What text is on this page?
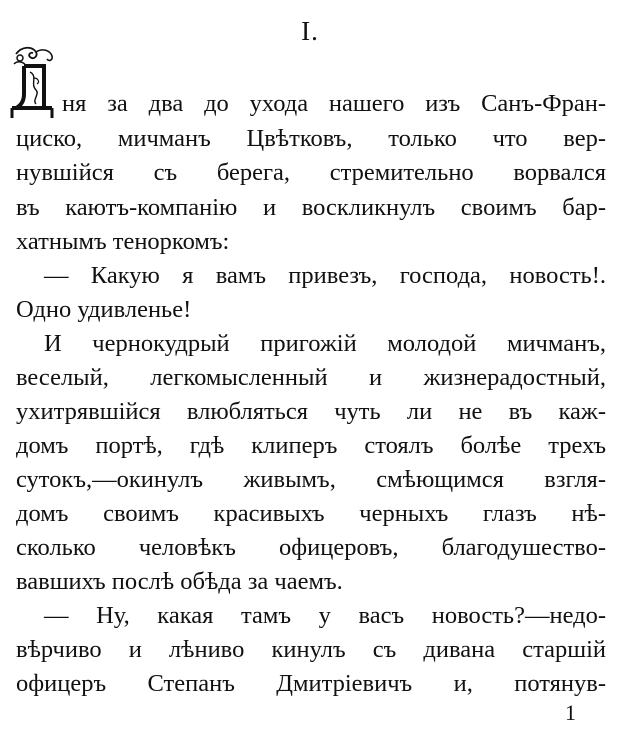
I.
ня за два до ухода нашего изъ Санъ-Фран-
циско, мичманъ Цвѣтковъ, только что вер-
нувшійся съ берега, стремительно ворвался
въ каютъ-компанію и воскликнулъ своимъ бар-
хатнымъ теноркомъ:
— Какую я вамъ привезъ, господа, новость!.
Одно удивленье!
И чернокудрый пригожій молодой мичманъ,
веселый, легкомысленный и жизнерадостный,
ухитрявшійся влюбляться чуть ли не въ каж-
домъ портѣ, гдѣ клиперъ стоялъ болѣе трехъ
сутокъ,—окинулъ живымъ, смѣющимся взгля-
домъ своимъ красивыхъ черныхъ глазъ нѣ-
сколько человѣкъ офицеровъ, благодушество-
вавшихъ послѣ обѣда за чаемъ.
— Ну, какая тамъ у васъ новость?—недо-
вѣрчиво и лѣниво кинулъ съ дивана старшій
офицеръ Степанъ Дмитріевичъ и, потянув-
1
